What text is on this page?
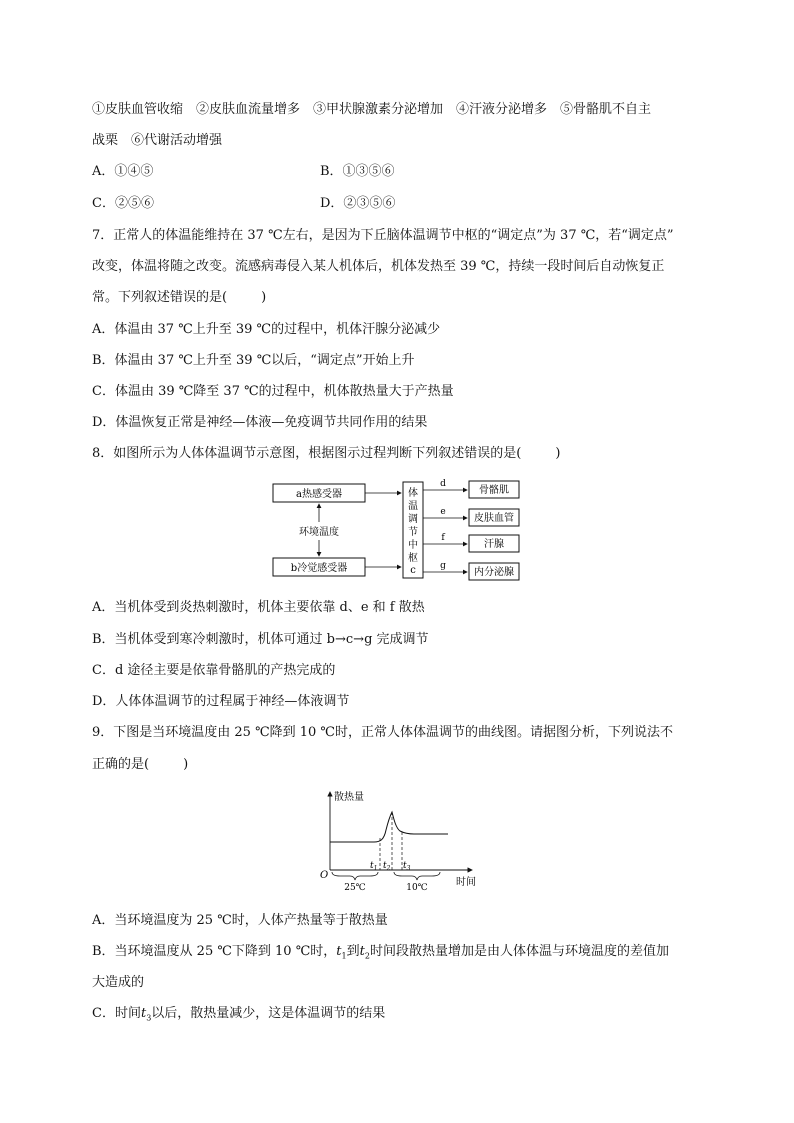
①皮肤血管收缩　②皮肤血流量增多　③甲状腺激素分泌增加　④汗液分泌增多　⑤骨骼肌不自主
战栗　⑥代谢活动增强
A．①④⑤	B．①③⑤⑥
C．②⑤⑥	D．②③⑤⑥
7．正常人的体温能维持在 37 ℃左右，是因为下丘脑体温调节中枢的“调定点”为 37 ℃，若“调定点”
改变，体温将随之改变。流感病毒侵入某人机体后，机体发热至 39 ℃，持续一段时间后自动恢复正
常。下列叙述错误的是(	)
A．体温由 37 ℃上升至 39 ℃的过程中，机体汗腺分泌减少
B．体温由 37 ℃上升至 39 ℃以后，“调定点”开始上升
C．体温由 39 ℃降至 37 ℃的过程中，机体散热量大于产热量
D．体温恢复正常是神经—体液—免疫调节共同作用的结果
8．如图所示为人体体温调节示意图，根据图示过程判断下列叙述错误的是(	)
a热感受器
环境温度
b冷觉感受器
体
温
调
节
中
枢
c
d
e
f
g
骨骼肌
皮肤血管
汗腺
内分泌腺
A．当机体受到炎热刺激时，机体主要依靠 d、e 和 f 散热
B．当机体受到寒冷刺激时，机体可通过 b→c→g 完成调节
C．d 途径主要是依靠骨骼肌的产热完成的
D．人体体温调节的过程属于神经—体液调节
9．下图是当环境温度由 25 ℃降到 10 ℃时，正常人体体温调节的曲线图。请据图分析，下列说法不
正确的是(	)
散热量
O
时间
$t_1$ $t_2$ $t_3$
25℃	10℃
A．当环境温度为 25 ℃时，人体产热量等于散热量
B．当环境温度从 25 ℃下降到 10 ℃时，$t_1$到$t_2$时间段散热量增加是由人体体温与环境温度的差值加
大造成的
C．时间$t_3$以后，散热量减少，这是体温调节的结果
